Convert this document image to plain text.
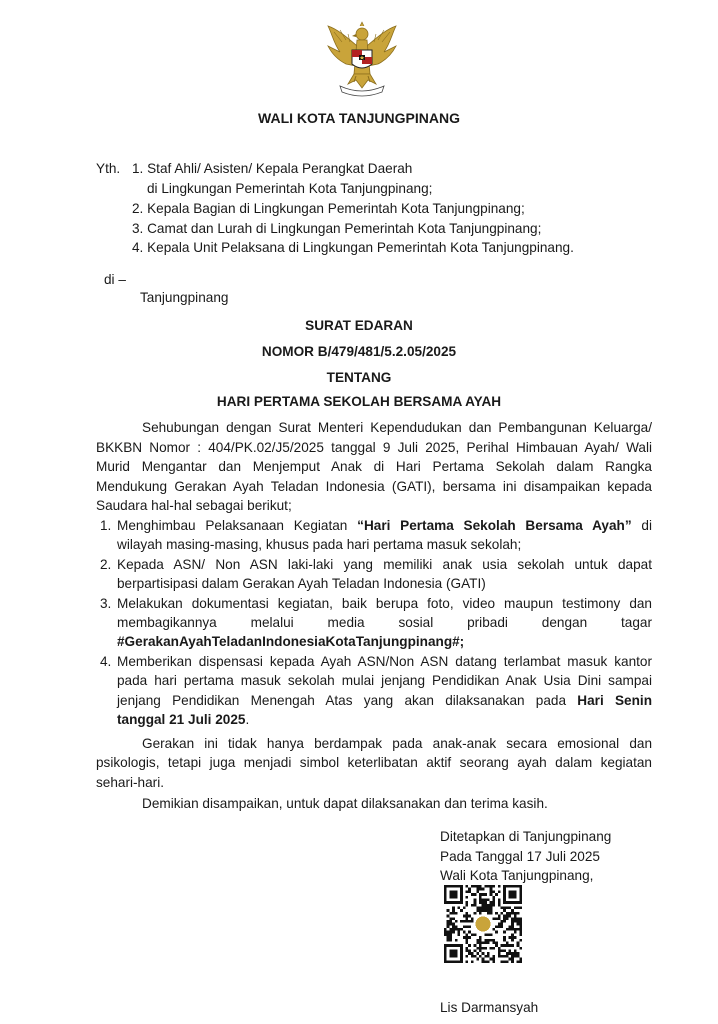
WALI KOTA TANJUNGPINANG
Yth. 1. Staf Ahli/ Asisten/ Kepala Perangkat Daerah
di Lingkungan Pemerintah Kota Tanjungpinang;
2. Kepala Bagian di Lingkungan Pemerintah Kota Tanjungpinang;
3. Camat dan Lurah di Lingkungan Pemerintah Kota Tanjungpinang;
4. Kepala Unit Pelaksana di Lingkungan Pemerintah Kota Tanjungpinang.
di –
Tanjungpinang
SURAT EDARAN
NOMOR B/479/481/5.2.05/2025
TENTANG
HARI PERTAMA SEKOLAH BERSAMA AYAH
Sehubungan dengan Surat Menteri Kependudukan dan Pembangunan Keluarga/
BKKBN Nomor : 404/PK.02/J5/2025 tanggal 9 Juli 2025, Perihal Himbauan Ayah/ Wali
Murid Mengantar dan Menjemput Anak di Hari Pertama Sekolah dalam Rangka
Mendukung Gerakan Ayah Teladan Indonesia (GATI), bersama ini disampaikan kepada
Saudara hal-hal sebagai berikut;
1. Menghimbau Pelaksanaan Kegiatan “Hari Pertama Sekolah Bersama Ayah” di
wilayah masing-masing, khusus pada hari pertama masuk sekolah;
2. Kepada ASN/ Non ASN laki-laki yang memiliki anak usia sekolah untuk dapat
berpartisipasi dalam Gerakan Ayah Teladan Indonesia (GATI)
3. Melakukan dokumentasi kegiatan, baik berupa foto, video maupun testimony dan
membagikannya melalui media sosial pribadi dengan tagar
#GerakanAyahTeladanIndonesiaKotaTanjungpinang#;
4. Memberikan dispensasi kepada Ayah ASN/Non ASN datang terlambat masuk kantor
pada hari pertama masuk sekolah mulai jenjang Pendidikan Anak Usia Dini sampai
jenjang Pendidikan Menengah Atas yang akan dilaksanakan pada Hari Senin
tanggal 21 Juli 2025.
Gerakan ini tidak hanya berdampak pada anak-anak secara emosional dan
psikologis, tetapi juga menjadi simbol keterlibatan aktif seorang ayah dalam kegiatan
sehari-hari.
Demikian disampaikan, untuk dapat dilaksanakan dan terima kasih.
Ditetapkan di Tanjungpinang
Pada Tanggal 17 Juli 2025
Wali Kota Tanjungpinang,
Lis Darmansyah
